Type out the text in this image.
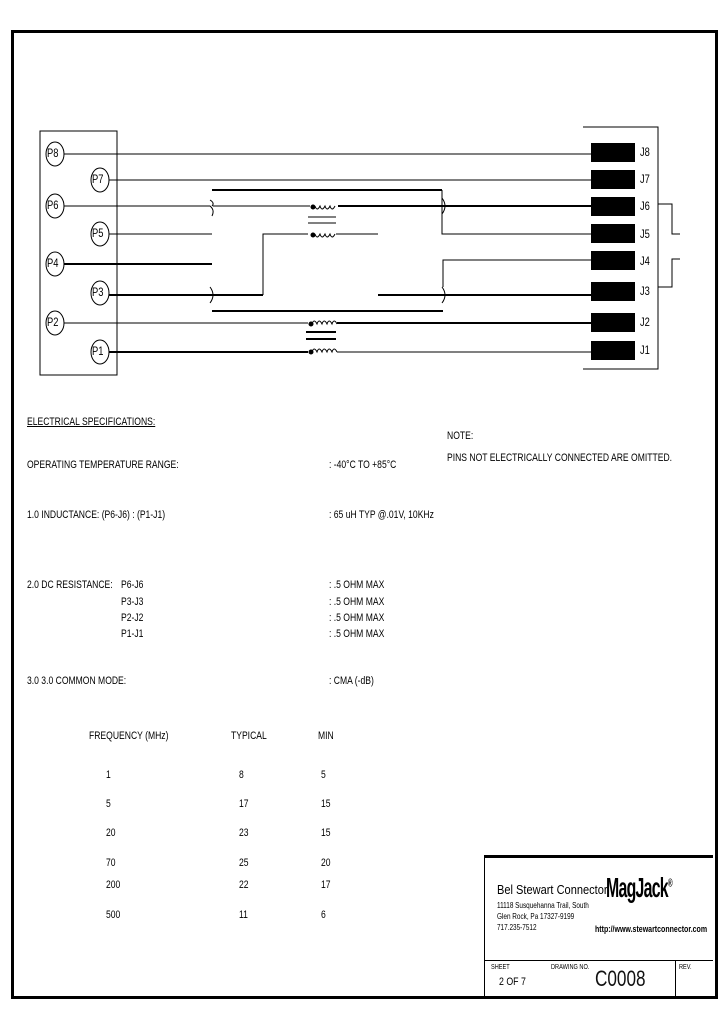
P8
P7
P6
P5
P4
P3
P2
P1
J8
J7
J6
J5
J4
J3
J2
J1
ELECTRICAL SPECIFICATIONS:
NOTE:
PINS NOT ELECTRICALLY CONNECTED ARE OMITTED.
OPERATING TEMPERATURE RANGE:	: -40°C TO +85°C
1.0 INDUCTANCE: (P6-J6) : (P1-J1)	: 65 uH TYP @.01V, 10KHz
2.0 DC RESISTANCE: P6-J6	: .5 OHM MAX
P3-J3	: .5 OHM MAX
P2-J2	: .5 OHM MAX
P1-J1	: .5 OHM MAX
3.0 3.0 COMMON MODE:	: CMA (-dB)
FREQUENCY (MHz)	TYPICAL	MIN
1	8	5
5	17	15
20	23	15
70	25	20
200	22	17
500	11	6
Bel Stewart Connector
11118 Susquehanna Trail, South
Glen Rock, Pa 17327-9199
717.235-7512
MagJack®
http://www.stewartconnector.com
SHEET
2 OF 7
DRAWING NO. C0008	REV.
